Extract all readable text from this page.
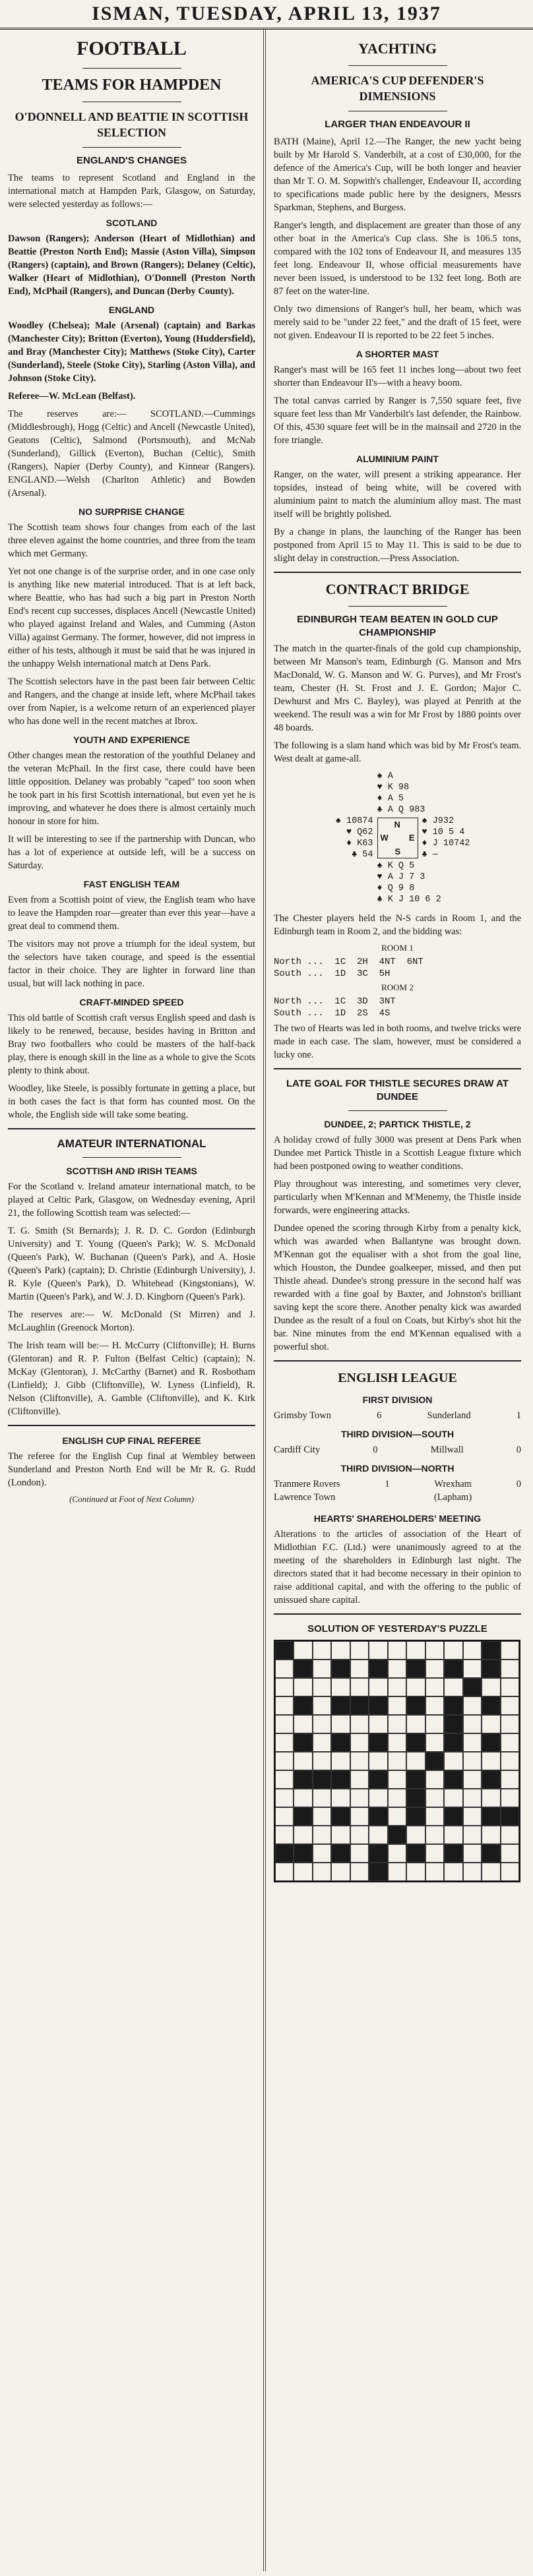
ISMAN, TUESDAY, APRIL 13, 1937
FOOTBALL
TEAMS FOR HAMPDEN
O'DONNELL AND BEATTIE IN SCOTTISH SELECTION
ENGLAND'S CHANGES

The teams to represent Scotland and England in the international match at Hampden Park, Glasgow, on Saturday, were selected yesterday as follows:—

SCOTLAND

Dawson (Rangers); Anderson (Heart of Midlothian) and Beattie (Preston North End); Massie (Aston Villa), Simpson (Rangers) (captain), and Brown (Rangers); Delaney (Celtic), Walker (Heart of Midlothian), O'Donnell (Preston North End), McPhail (Rangers), and Duncan (Derby County).

ENGLAND

Woodley (Chelsea); Male (Arsenal) (captain) and Barkas (Manchester City); Britton (Everton), Young (Huddersfield), and Bray (Manchester City); Matthews (Stoke City), Carter (Sunderland), Steele (Stoke City), Starling (Aston Villa), and Johnson (Stoke City).

Referee—W. McLean (Belfast).

The reserves are:— SCOTLAND.—Cummings (Middlesbrough), Hogg (Celtic) and Ancell (Newcastle United), Geatons (Celtic), Salmond (Portsmouth), and McNab (Sunderland), Gillick (Everton), Buchan (Celtic), Smith (Rangers), Napier (Derby County), and Kinnear (Rangers). ENGLAND.—Welsh (Charlton Athletic) and Bowden (Arsenal).

NO SURPRISE CHANGE

The Scottish team shows four changes from each of the last three eleven against the home countries, and three from the team which met Germany.

Yet not one change is of the surprise order, and in one case only is anything like new material introduced. That is at left back, where Beattie, who has had such a big part in Preston North End's recent cup successes, displaces Ancell (Newcastle United) who played against Ireland and Wales, and Cumming (Aston Villa) against Germany. The former, however, did not impress in either of his tests, although it must be said that he was injured in the unhappy Welsh international match at Dens Park.

The Scottish selectors have in the past been fair between Celtic and Rangers, and the change at inside left, where McPhail takes over from Napier, is a welcome return of an experienced player who has done well in the recent matches at Ibrox.

YOUTH AND EXPERIENCE

Other changes mean the restoration of the youthful Delaney and the veteran McPhail. In the first case, there could have been little opposition. Delaney was probably "caped" too soon when he took part in his first Scottish international, but even yet he is improving, and whatever he does there is almost certainly much honour in store for him.

It will be interesting to see if the partnership with Duncan, who has a lot of experience at outside left, will be a success on Saturday.

FAST ENGLISH TEAM

Even from a Scottish point of view, the English team who have to leave the Hampden roar—greater than ever this year—have a great deal to commend them.

The visitors may not prove a triumph for the ideal system, but the selectors have taken courage, and speed is the essential factor in their choice. They are lighter in forward line than usual, but will lack nothing in pace.

CRAFT-MINDED SPEED

This old battle of Scottish craft versus English speed and dash is likely to be renewed, because, besides having in Britton and Bray two footballers who could be masters of the half-back play, there is enough skill in the line as a whole to give the Scots plenty to think about.

Woodley, like Steele, is possibly fortunate in getting a place, but in both cases the fact is that form has counted most. On the whole, the English side will take some beating.

AMATEUR INTERNATIONAL
SCOTTISH AND IRISH TEAMS

For the Scotland v. Ireland amateur international match, to be played at Celtic Park, Glasgow, on Wednesday evening, April 21, the following Scottish team was selected:—

T. G. Smith (St Bernards); J. R. D. C. Gordon (Edinburgh University) and T. Young (Queen's Park); W. S. McDonald (Queen's Park), W. Buchanan (Queen's Park), and A. Hosie (Queen's Park) (captain); D. Christie (Edinburgh University), J. R. Kyle (Queen's Park), D. Whitehead (Kingstonians), W. Martin (Queen's Park), and W. J. D. Kingborn (Queen's Park).

The reserves are:— W. McDonald (St Mirren) and J. McLaughlin (Greenock Morton).

The Irish team will be:— H. McCurry (Cliftonville); H. Burns (Glentoran) and R. P. Fulton (Belfast Celtic) (captain); N. McKay (Glentoran), J. McCarthy (Barnet) and R. Rosbotham (Linfield); J. Gibb (Cliftonville), W. Lyness (Linfield), R. Nelson (Cliftonville), A. Gamble (Cliftonville), and K. Kirk (Cliftonville).

ENGLISH CUP FINAL REFEREE

The referee for the English Cup final at Wembley between Sunderland and Preston North End will be Mr R. G. Rudd (London).

(Continued at Foot of Next Column)
YACHTING
AMERICA'S CUP DEFENDER'S DIMENSIONS
LARGER THAN ENDEAVOUR II

BATH (Maine), April 12.—The Ranger, the new yacht being built by Mr Harold S. Vanderbilt, at a cost of £30,000, for the defence of the America's Cup, will be both longer and heavier than Mr T. O. M. Sopwith's challenger, Endeavour II, according to specifications made public here by the designers, Messrs Sparkman, Stephens, and Burgess.

Ranger's length, and displacement are greater than those of any other boat in the America's Cup class. She is 106.5 tons, compared with the 102 tons of Endeavour II, and measures 135 feet long. Endeavour II, whose official measurements have never been issued, is understood to be 132 feet long. Both are 87 feet on the water-line.

Only two dimensions of Ranger's hull, her beam, which was merely said to be "under 22 feet," and the draft of 15 feet, were not given. Endeavour II is reported to be 22 feet 5 inches.

A SHORTER MAST

Ranger's mast will be 165 feet 11 inches long—about two feet shorter than Endeavour II's—with a heavy boom.

The total canvas carried by Ranger is 7,550 square feet, five square feet less than Mr Vanderbilt's last defender, the Rainbow. Of this, 4530 square feet will be in the mainsail and 2720 in the fore triangle.

ALUMINIUM PAINT

Ranger, on the water, will present a striking appearance. Her topsides, instead of being white, will be covered with aluminium paint to match the aluminium alloy mast. The mast itself will be brightly polished.

By a change in plans, the launching of the Ranger has been postponed from April 15 to May 11. This is said to be due to slight delay in construction.—Press Association.

CONTRACT BRIDGE
EDINBURGH TEAM BEATEN IN GOLD CUP CHAMPIONSHIP

The match in the quarter-finals of the gold cup championship, between Mr Manson's team, Edinburgh (G. Manson and Mrs MacDonald, W. G. Manson and W. G. Purves), and Mr Frost's team, Chester (H. St. Frost and J. E. Gordon; Major C. Dewhurst and Mrs C. Bayley), was played at Penrith at the weekend. The result was a win for Mr Frost by 1880 points over 48 boards.

The following is a slam hand which was bid by Mr Frost's team. West dealt at game-all.

♠ A
♥ K 98
♦ A 5
♣ A Q 983
♠ 10874
♥ Q62
♦ K63
♣ 54
N
W E
S
♠ J932
♥ 10 5 4
♦ J 10742
♣ —
♠ K Q 5
♥ A J 7 3
♦ Q 9 8
♣ K J 10 6 2

The Chester players held the N-S cards in Room 1, and the Edinburgh team in Room 2, and the bidding was:

ROOM 1
North ...  1C  2H  4NT  6NT
South ...  1D  3C  5H
ROOM 2
North ...  1C  3D  3NT
South ...  1D  2S  4S

The two of Hearts was led in both rooms, and twelve tricks were made in each case. The slam, however, must be considered a lucky one.

LATE GOAL FOR THISTLE SECURES DRAW AT DUNDEE
DUNDEE, 2; PARTICK THISTLE, 2

A holiday crowd of fully 3000 was present at Dens Park when Dundee met Partick Thistle in a Scottish League fixture which had been postponed owing to weather conditions.

Play throughout was interesting, and sometimes very clever, particularly when M'Kennan and M'Menemy, the Thistle inside forwards, were engineering attacks.

Dundee opened the scoring through Kirby from a penalty kick, which was awarded when Ballantyne was brought down. M'Kennan got the equaliser with a shot from the goal line, which Houston, the Dundee goalkeeper, missed, and then put Thistle ahead. Dundee's strong pressure in the second half was rewarded with a fine goal by Baxter, and Johnston's brilliant saving kept the score there. Another penalty kick was awarded Dundee as the result of a foul on Coats, but Kirby's shot hit the bar. Nine minutes from the end M'Kennan equalised with a powerful shot.

ENGLISH LEAGUE
FIRST DIVISION
Grimsby Town	6	Sunderland	1
THIRD DIVISION—SOUTH
Cardiff City	0	Millwall	0
THIRD DIVISION—NORTH
Tranmere Rovers	1	Wrexham	0
Lawrence Town	(Lapham)
HEARTS' SHAREHOLDERS' MEETING

Alterations to the articles of association of the Heart of Midlothian F.C. (Ltd.) were unanimously agreed to at the meeting of the shareholders in Edinburgh last night. The directors stated that it had become necessary in their opinion to raise additional capital, and with the offering to the public of unissued share capital.

SOLUTION OF YESTERDAY'S PUZZLE
